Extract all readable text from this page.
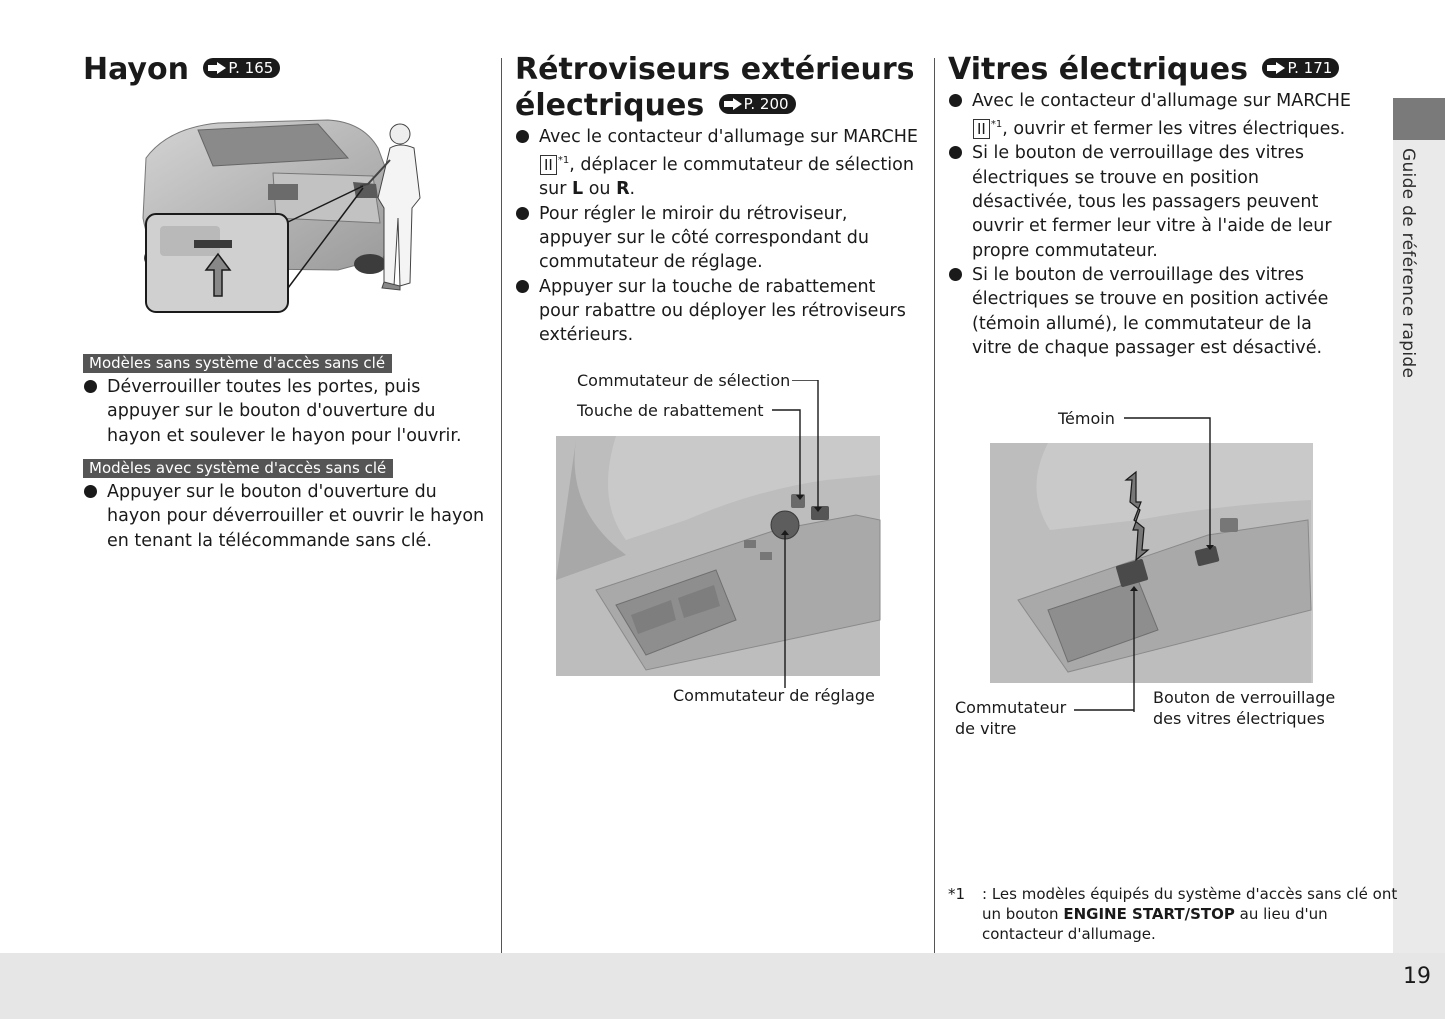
19
Guide de référence rapide
Hayon	P. 165
Modèles sans système d'accès sans clé
Déverrouiller toutes les portes, puis appuyer sur le bouton d'ouverture du hayon et soulever le hayon pour l'ouvrir.
Modèles avec système d'accès sans clé
Appuyer sur le bouton d'ouverture du hayon pour déverrouiller et ouvrir le hayon en tenant la télécommande sans clé.
Rétroviseurs extérieurs
électriques	P. 200
Avec le contacteur d'allumage sur MARCHE II $^{*1}$, déplacer le commutateur de sélection sur L ou R.
Pour régler le miroir du rétroviseur, appuyer sur le côté correspondant du commutateur de réglage.
Appuyer sur la touche de rabattement pour rabattre ou déployer les rétroviseurs extérieurs.
Commutateur de sélection
Touche de rabattement
Commutateur de réglage
Vitres électriques	P. 171
Avec le contacteur d'allumage sur MARCHE II $^{*1}$, ouvrir et fermer les vitres électriques.
Si le bouton de verrouillage des vitres électriques se trouve en position désactivée, tous les passagers peuvent ouvrir et fermer leur vitre à l'aide de leur propre commutateur.
Si le bouton de verrouillage des vitres électriques se trouve en position activée (témoin allumé), le commutateur de la vitre de chaque passager est désactivé.
Témoin
Commutateur
de vitre
Bouton de verrouillage
des vitres électriques
*1 : Les modèles équipés du système d'accès sans clé ont un bouton ENGINE START/STOP au lieu d'un contacteur d'allumage.
